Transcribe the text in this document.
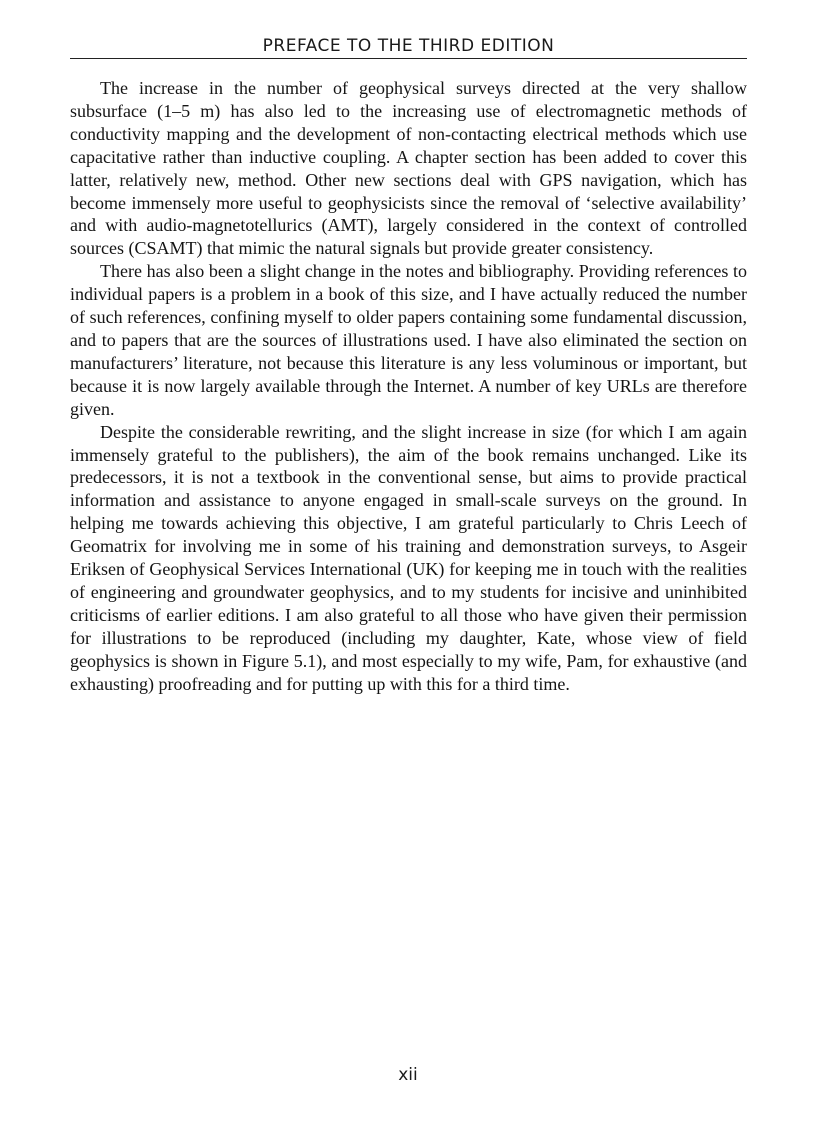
PREFACE TO THE THIRD EDITION

The increase in the number of geophysical surveys directed at the very shallow subsurface (1–5 m) has also led to the increasing use of electromagnetic methods of conductivity mapping and the development of non-contacting electrical methods which use capacitative rather than inductive coupling. A chapter section has been added to cover this latter, relatively new, method. Other new sections deal with GPS navigation, which has become immensely more useful to geophysicists since the removal of ‘selective availability’ and with audio-magnetotellurics (AMT), largely considered in the context of controlled sources (CSAMT) that mimic the natural signals but provide greater consistency.

There has also been a slight change in the notes and bibliography. Providing references to individual papers is a problem in a book of this size, and I have actually reduced the number of such references, confining myself to older papers containing some fundamental discussion, and to papers that are the sources of illustrations used. I have also eliminated the section on manufacturers’ literature, not because this literature is any less voluminous or important, but because it is now largely available through the Internet. A number of key URLs are therefore given.

Despite the considerable rewriting, and the slight increase in size (for which I am again immensely grateful to the publishers), the aim of the book remains unchanged. Like its predecessors, it is not a textbook in the conventional sense, but aims to provide practical information and assistance to anyone engaged in small-scale surveys on the ground. In helping me towards achieving this objective, I am grateful particularly to Chris Leech of Geomatrix for involving me in some of his training and demonstration surveys, to Asgeir Eriksen of Geophysical Services International (UK) for keeping me in touch with the realities of engineering and groundwater geophysics, and to my students for incisive and uninhibited criticisms of earlier editions. I am also grateful to all those who have given their permission for illustrations to be reproduced (including my daughter, Kate, whose view of field geophysics is shown in Figure 5.1), and most especially to my wife, Pam, for exhaustive (and exhausting) proofreading and for putting up with this for a third time.

xii
